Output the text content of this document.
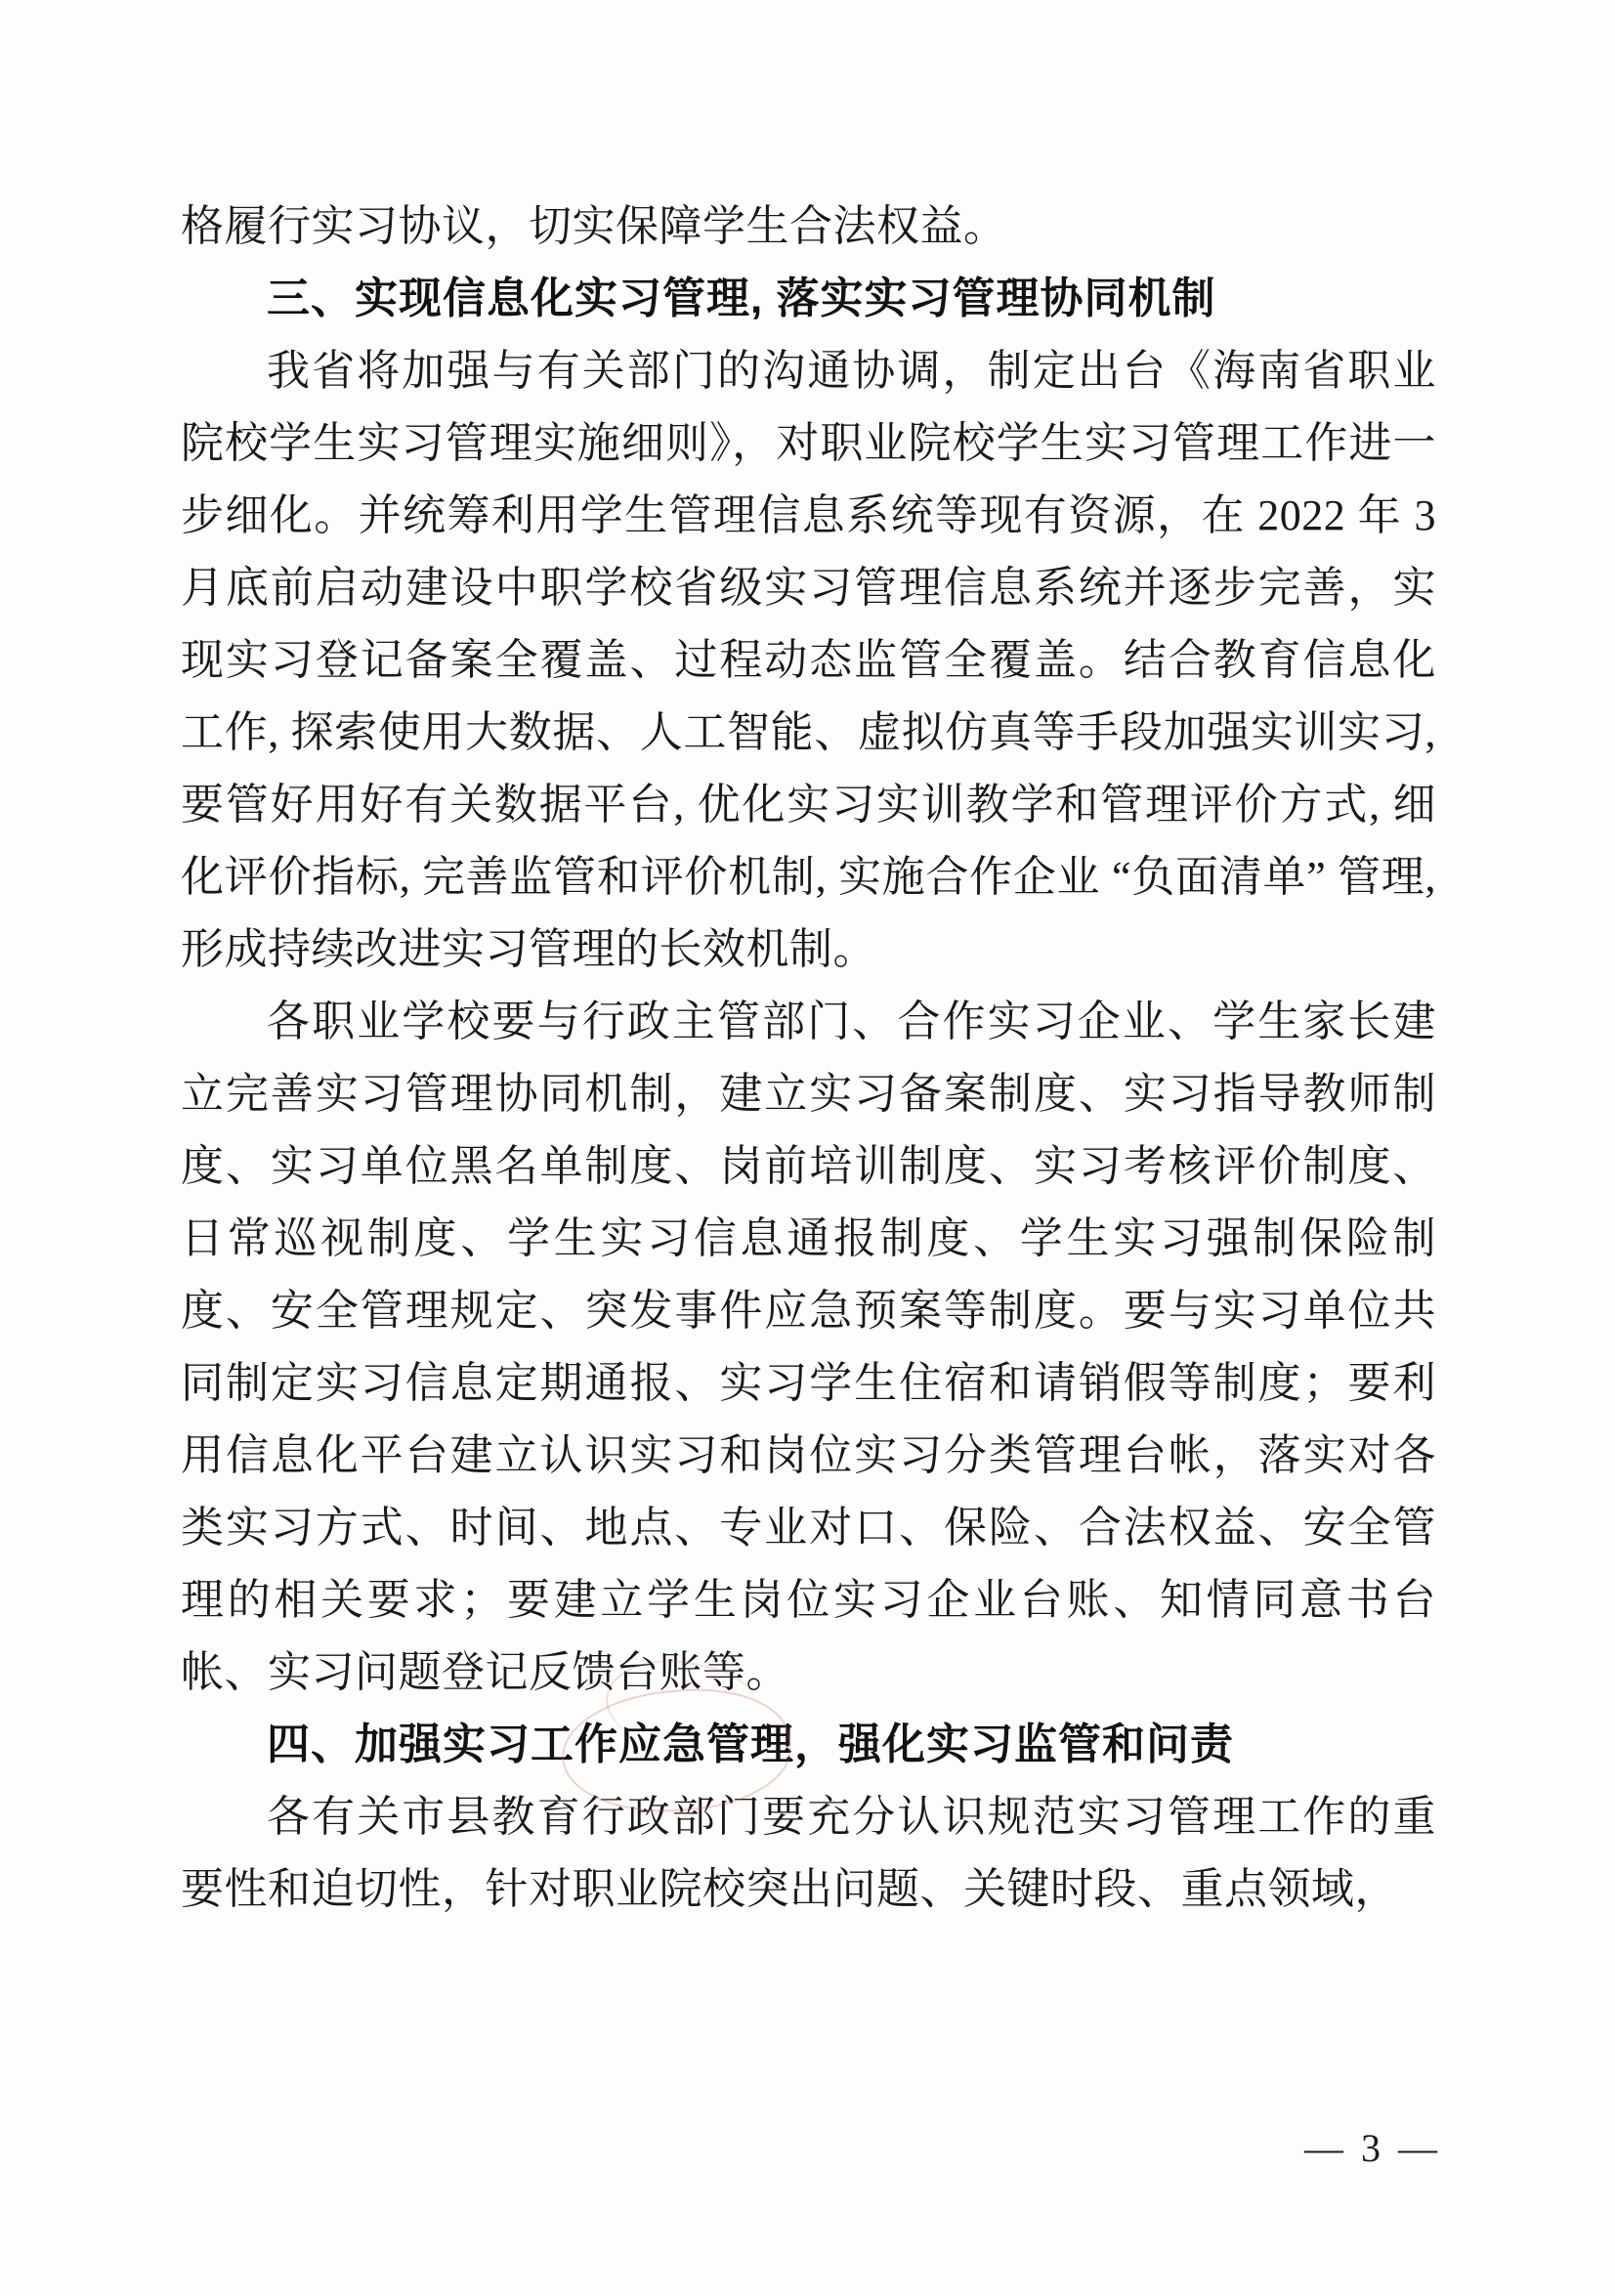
格履行实习协议，切实保障学生合法权益。

三、实现信息化实习管理, 落实实习管理协同机制

我省将加强与有关部门的沟通协调，制定出台《海南省职业院校学生实习管理实施细则》，对职业院校学生实习管理工作进一步细化。并统筹利用学生管理信息系统等现有资源，在 2022 年 3 月底前启动建设中职学校省级实习管理信息系统并逐步完善，实现实习登记备案全覆盖、过程动态监管全覆盖。结合教育信息化工作, 探索使用大数据、人工智能、虚拟仿真等手段加强实训实习, 要管好用好有关数据平台, 优化实习实训教学和管理评价方式, 细化评价指标, 完善监管和评价机制, 实施合作企业 “负面清单” 管理, 形成持续改进实习管理的长效机制。

各职业学校要与行政主管部门、合作实习企业、学生家长建立完善实习管理协同机制，建立实习备案制度、实习指导教师制度、实习单位黑名单制度、岗前培训制度、实习考核评价制度、日常巡视制度、学生实习信息通报制度、学生实习强制保险制度、安全管理规定、突发事件应急预案等制度。要与实习单位共同制定实习信息定期通报、实习学生住宿和请销假等制度；要利用信息化平台建立认识实习和岗位实习分类管理台帐，落实对各类实习方式、时间、地点、专业对口、保险、合法权益、安全管理的相关要求；要建立学生岗位实习企业台账、知情同意书台帐、实习问题登记反馈台账等。

四、加强实习工作应急管理，强化实习监管和问责

各有关市县教育行政部门要充分认识规范实习管理工作的重要性和迫切性，针对职业院校突出问题、关键时段、重点领域，

— 3 —
